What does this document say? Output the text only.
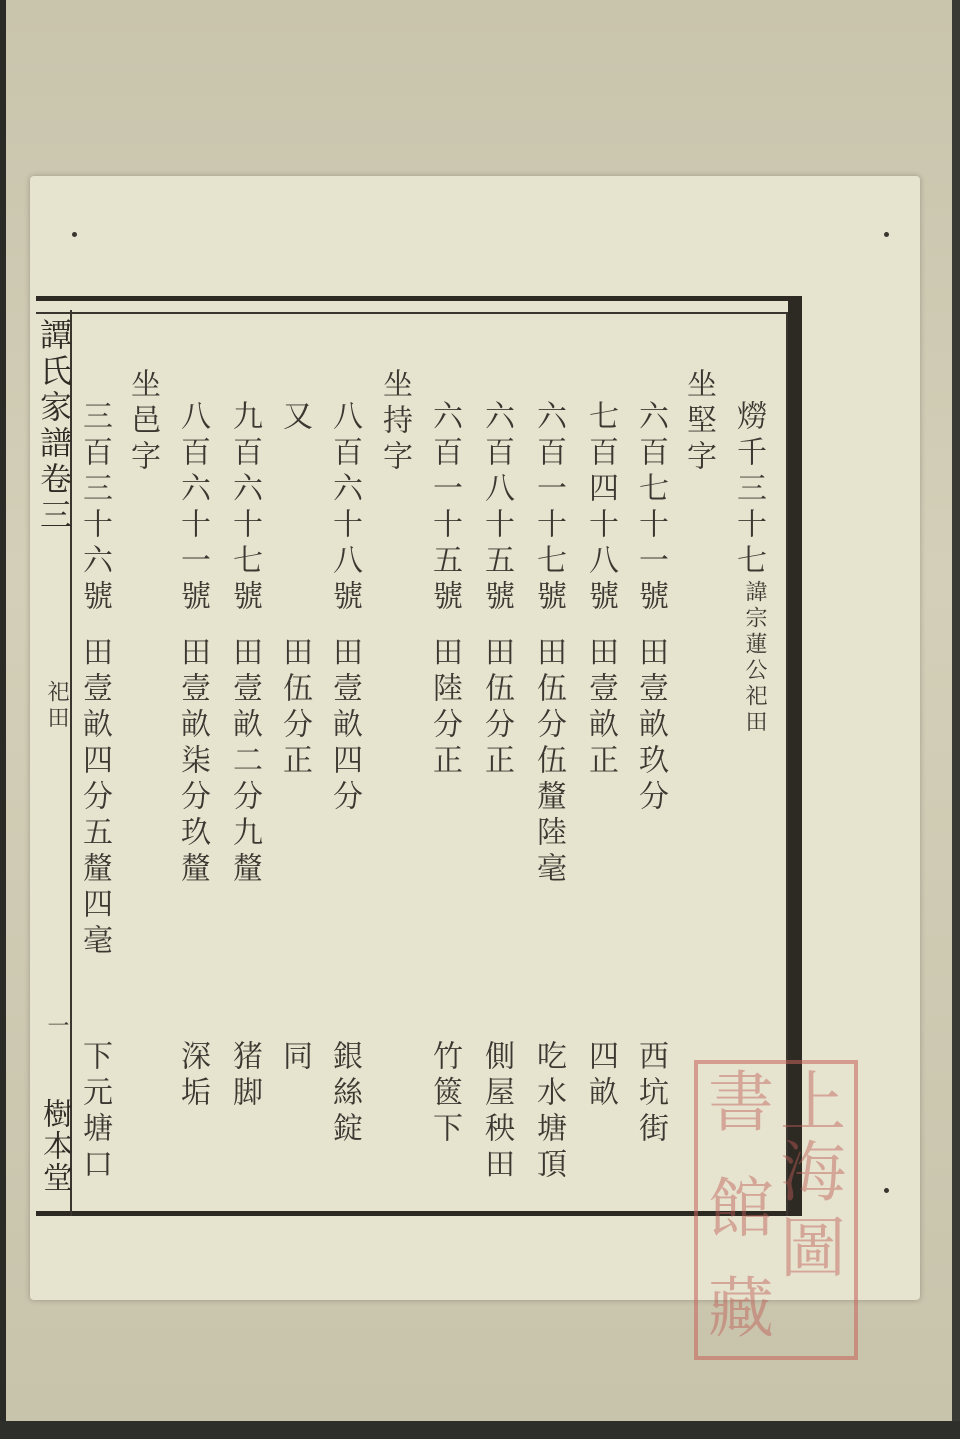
𤏪千三十七
諱宗蓮公祀田
坐堅字
六百七十一號
田壹畝玖分
西坑街
七百四十八號
田壹畝正
四畝
六百一十七號
田伍分伍釐陸毫
吃水塘頂
六百八十五號
田伍分正
側屋秧田
六百一十五號
田陸分正
竹篋下
坐持字
八百六十八號
田壹畝四分
銀絲錠
又
田伍分正
同
九百六十七號
田壹畝二分九釐
猪脚
八百六十一號
田壹畝柒分玖釐
深垢
坐邑字
三百三十六號
田壹畝四分五釐四毫
下元塘口
譚氏家譜卷三
祀田
一
樹本堂	上
海
圖
書
館
藏
